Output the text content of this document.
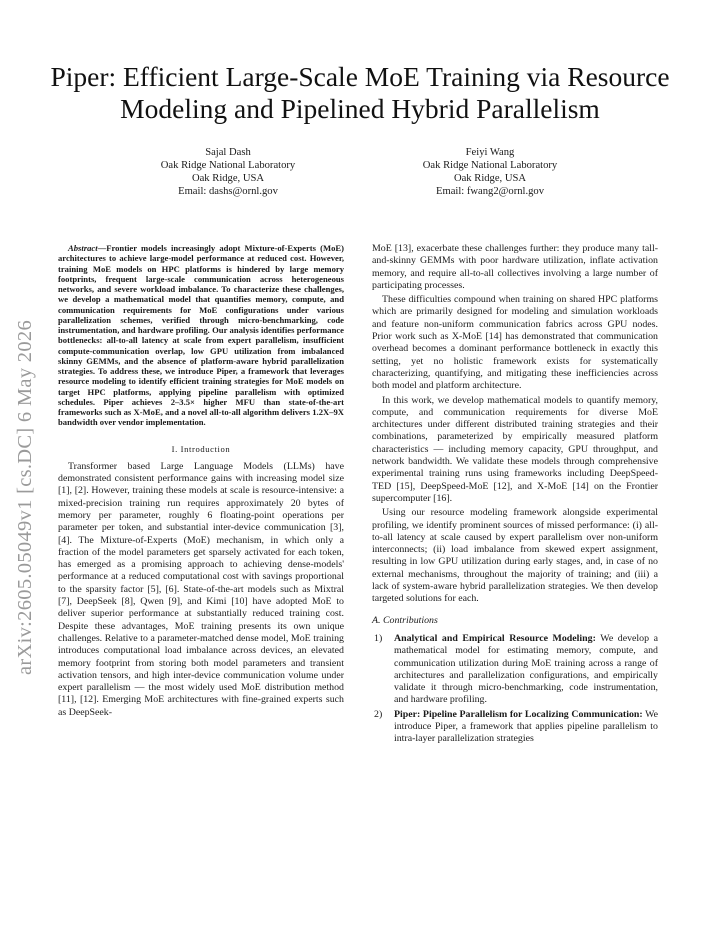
arXiv:2605.05049v1 [cs.DC] 6 May 2026
Piper: Efficient Large-Scale MoE Training via Resource Modeling and Pipelined Hybrid Parallelism
Sajal Dash
Oak Ridge National Laboratory
Oak Ridge, USA
Email: dashs@ornl.gov
Feiyi Wang
Oak Ridge National Laboratory
Oak Ridge, USA
Email: fwang2@ornl.gov

Abstract—Frontier models increasingly adopt Mixture-of-Experts (MoE) architectures to achieve large-model performance at reduced cost. However, training MoE models on HPC platforms is hindered by large memory footprints, frequent large-scale communication across heterogeneous networks, and severe workload imbalance. To characterize these challenges, we develop a mathematical model that quantifies memory, compute, and communication requirements for MoE configurations under various parallelization schemes, verified through micro-benchmarking, code instrumentation, and hardware profiling. Our analysis identifies performance bottlenecks: all-to-all latency at scale from expert parallelism, insufficient compute-communication overlap, low GPU utilization from imbalanced skinny GEMMs, and the absence of platform-aware hybrid parallelization strategies. To address these, we introduce Piper, a framework that leverages resource modeling to identify efficient training strategies for MoE models on target HPC platforms, applying pipeline parallelism with optimized schedules. Piper achieves 2–3.5× higher MFU than state-of-the-art frameworks such as X-MoE, and a novel all-to-all algorithm delivers 1.2X–9X bandwidth over vendor implementation.

I. Introduction

Transformer based Large Language Models (LLMs) have demonstrated consistent performance gains with increasing model size [1], [2]. However, training these models at scale is resource-intensive: a mixed-precision training run requires approximately 20 bytes of memory per parameter, roughly 6 floating-point operations per parameter per token, and substantial inter-device communication [3], [4]. The Mixture-of-Experts (MoE) mechanism, in which only a fraction of the model parameters get sparsely activated for each token, has emerged as a promising approach to achieving dense-models' performance at a reduced computational cost with savings proportional to the sparsity factor [5], [6]. State-of-the-art models such as Mixtral [7], DeepSeek [8], Qwen [9], and Kimi [10] have adopted MoE to deliver superior performance at substantially reduced training cost. Despite these advantages, MoE training presents its own unique challenges. Relative to a parameter-matched dense model, MoE training introduces computational load imbalance across devices, an elevated memory footprint from storing both model parameters and transient activation tensors, and high inter-device communication volume under expert parallelism — the most widely used MoE distribution method [11], [12]. Emerging MoE architectures with fine-grained experts such as DeepSeek-

MoE [13], exacerbate these challenges further: they produce many tall-and-skinny GEMMs with poor hardware utilization, inflate activation memory, and require all-to-all collectives involving a large number of participating processes.

These difficulties compound when training on shared HPC platforms which are primarily designed for modeling and simulation workloads and feature non-uniform communication fabrics across GPU nodes. Prior work such as X-MoE [14] has demonstrated that communication overhead becomes a dominant performance bottleneck in exactly this setting, yet no holistic framework exists for systematically characterizing, quantifying, and mitigating these inefficiencies across both model and platform architecture.

In this work, we develop mathematical models to quantify memory, compute, and communication requirements for diverse MoE architectures under different distributed training strategies and their combinations, parameterized by empirically measured platform characteristics — including memory capacity, GPU throughput, and network bandwidth. We validate these models through comprehensive experimental training runs using frameworks including DeepSpeed-TED [15], DeepSpeed-MoE [12], and X-MoE [14] on the Frontier supercomputer [16].

Using our resource modeling framework alongside experimental profiling, we identify prominent sources of missed performance: (i) all-to-all latency at scale caused by expert parallelism over non-uniform interconnects; (ii) load imbalance from skewed expert assignment, resulting in low GPU utilization during early stages, and, in case of no external mechanisms, throughout the majority of training; and (iii) a lack of system-aware hybrid parallelization strategies. We then develop targeted solutions for each.

A. Contributions
1) Analytical and Empirical Resource Modeling: We develop a mathematical model for estimating memory, compute, and communication utilization during MoE training across a range of architectures and parallelization configurations, and empirically validate it through micro-benchmarking, code instrumentation, and hardware profiling.
2) Piper: Pipeline Parallelism for Localizing Communication: We introduce Piper, a framework that applies pipeline parallelism to intra-layer parallelization strategies
